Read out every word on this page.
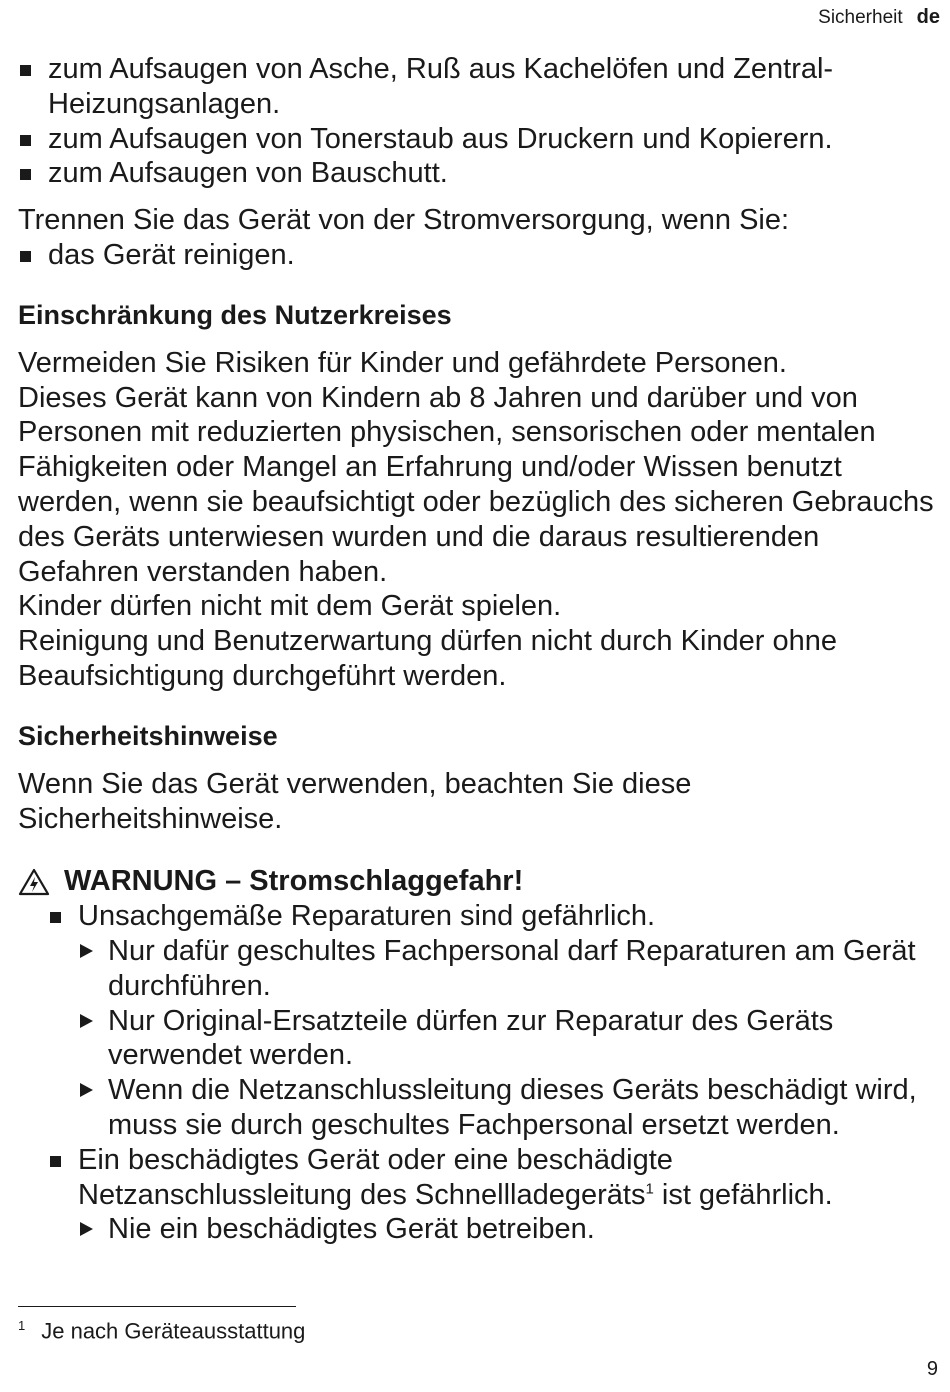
Sicherheit de
zum Aufsaugen von Asche, Ruß aus Kachelöfen und Zentral-Heizungsanlagen.
zum Aufsaugen von Tonerstaub aus Druckern und Kopierern.
zum Aufsaugen von Bauschutt.

Trennen Sie das Gerät von der Stromversorgung, wenn Sie:

das Gerät reinigen.
Einschränkung des Nutzerkreises

Vermeiden Sie Risiken für Kinder und gefährdete Personen.

Dieses Gerät kann von Kindern ab 8 Jahren und darüber und von Personen mit reduzierten physischen, sensorischen oder mentalen Fähigkeiten oder Mangel an Erfahrung und/oder Wissen benutzt werden, wenn sie beaufsichtigt oder bezüglich des sicheren Gebrauchs des Geräts unterwiesen wurden und die daraus resultierenden Gefahren verstanden haben.

Kinder dürfen nicht mit dem Gerät spielen.

Reinigung und Benutzerwartung dürfen nicht durch Kinder ohne Beaufsichtigung durchgeführt werden.

Sicherheitshinweise

Wenn Sie das Gerät verwenden, beachten Sie diese Sicherheitshinweise.

WARNUNG – Stromschlaggefahr!
Unsachgemäße Reparaturen sind gefährlich.
Nur dafür geschultes Fachpersonal darf Reparaturen am Gerät durchführen.
Nur Original-Ersatzteile dürfen zur Reparatur des Geräts verwendet werden.
Wenn die Netzanschlussleitung dieses Geräts beschädigt wird, muss sie durch geschultes Fachpersonal ersetzt werden.
Ein beschädigtes Gerät oder eine beschädigte Netzanschlussleitung des Schnellladegeräts$^1$ ist gefährlich.
Nie ein beschädigtes Gerät betreiben.
$^1$ Je nach Geräteausstattung
9
